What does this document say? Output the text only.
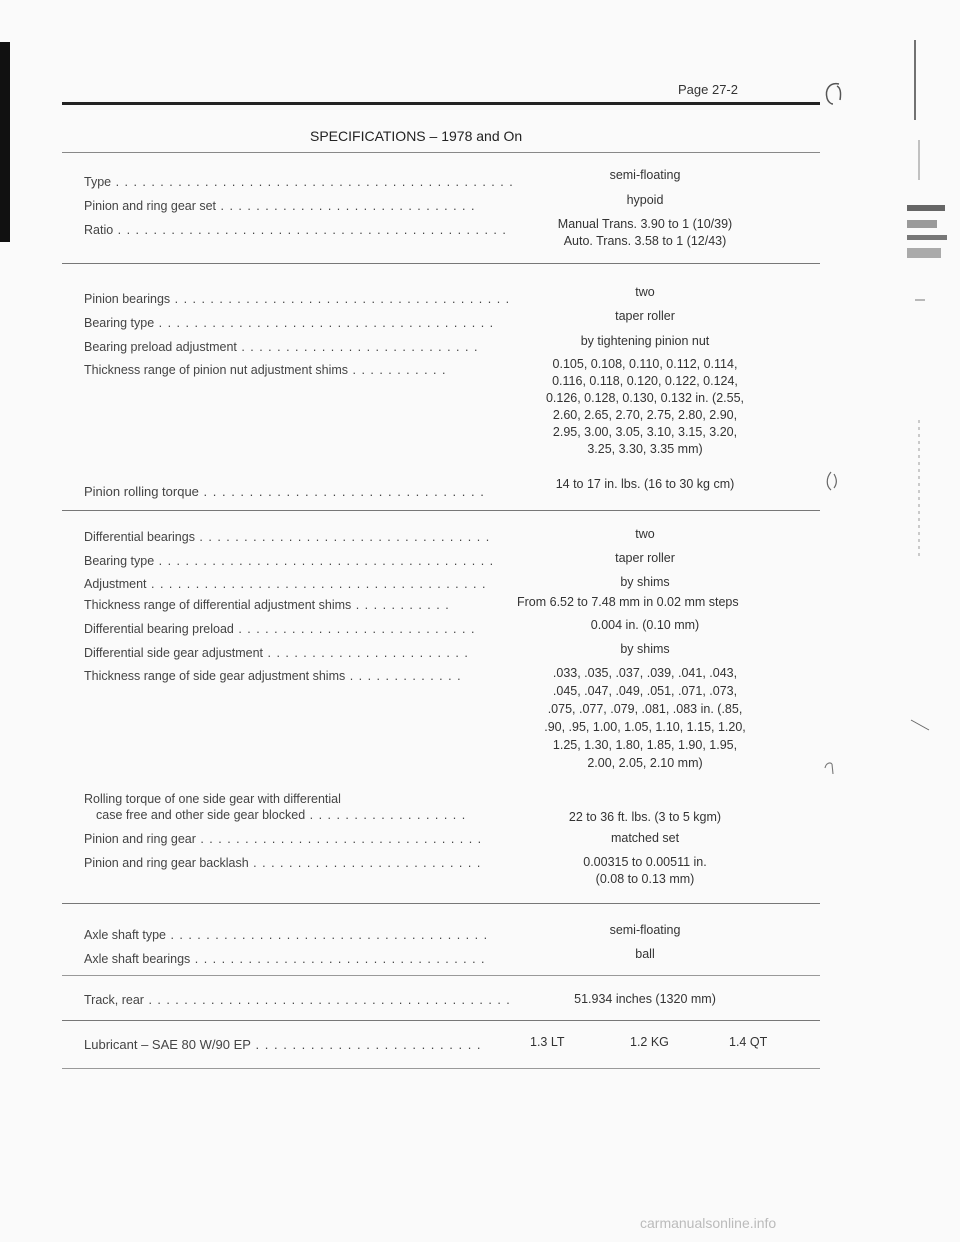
Page 27-2
SPECIFICATIONS – 1978 and On
Type . . . . . . . . . . . . . . . . . . . . . . . . . . . . . . . . . . . . . . . . . . . . .	semi-floating
Pinion and ring gear set . . . . . . . . . . . . . . . . . . . . . . . . . . . . .	hypoid
Ratio . . . . . . . . . . . . . . . . . . . . . . . . . . . . . . . . . . . . . . . . . . . .	Manual Trans. 3.90 to 1 (10/39)
Auto. Trans. 3.58 to 1 (12/43)
Pinion bearings . . . . . . . . . . . . . . . . . . . . . . . . . . . . . . . . . . . . . .	two
Bearing type . . . . . . . . . . . . . . . . . . . . . . . . . . . . . . . . . . . . . .	taper roller
Bearing preload adjustment . . . . . . . . . . . . . . . . . . . . . . . . . . .	by tightening pinion nut
Thickness range of pinion nut adjustment shims . . . . . . . . . . .	0.105, 0.108, 0.110, 0.112, 0.114,
0.116, 0.118, 0.120, 0.122, 0.124,
0.126, 0.128, 0.130, 0.132 in. (2.55,
2.60, 2.65, 2.70, 2.75, 2.80, 2.90,
2.95, 3.00, 3.05, 3.10, 3.15, 3.20,
3.25, 3.30, 3.35 mm)
Pinion rolling torque . . . . . . . . . . . . . . . . . . . . . . . . . . . . . . .	14 to 17 in. lbs. (16 to 30 kg cm)
Differential bearings . . . . . . . . . . . . . . . . . . . . . . . . . . . . . . . . .	two
Bearing type . . . . . . . . . . . . . . . . . . . . . . . . . . . . . . . . . . . . . .	taper roller
Adjustment . . . . . . . . . . . . . . . . . . . . . . . . . . . . . . . . . . . . . .	by shims
Thickness range of differential adjustment shims . . . . . . . . . . .	From 6.52 to 7.48 mm in 0.02 mm steps
Differential bearing preload . . . . . . . . . . . . . . . . . . . . . . . . . . .	0.004 in. (0.10 mm)
Differential side gear adjustment . . . . . . . . . . . . . . . . . . . . . . .	by shims
Thickness range of side gear adjustment shims . . . . . . . . . . . . .	.033, .035, .037, .039, .041, .043,
.045, .047, .049, .051, .071, .073,
.075, .077, .079, .081, .083 in. (.85,
.90, .95, 1.00, 1.05, 1.10, 1.15, 1.20,
1.25, 1.30, 1.80, 1.85, 1.90, 1.95,
2.00, 2.05, 2.10 mm)
Rolling torque of one side gear with differential
case free and other side gear blocked . . . . . . . . . . . . . . . . . .	22 to 36 ft. lbs. (3 to 5 kgm)
Pinion and ring gear . . . . . . . . . . . . . . . . . . . . . . . . . . . . . . . .	matched set
Pinion and ring gear backlash . . . . . . . . . . . . . . . . . . . . . . . . . .	0.00315 to 0.00511 in.
(0.08 to 0.13 mm)
Axle shaft type . . . . . . . . . . . . . . . . . . . . . . . . . . . . . . . . . . . .	semi-floating
Axle shaft bearings . . . . . . . . . . . . . . . . . . . . . . . . . . . . . . . . .	ball
Track, rear . . . . . . . . . . . . . . . . . . . . . . . . . . . . . . . . . . . . . . . . .	51.934 inches (1320 mm)
Lubricant – SAE 80 W/90 EP . . . . . . . . . . . . . . . . . . . . . . . . .	1.3 LT	1.2 KG	1.4 QT
carmanualsonline.info
